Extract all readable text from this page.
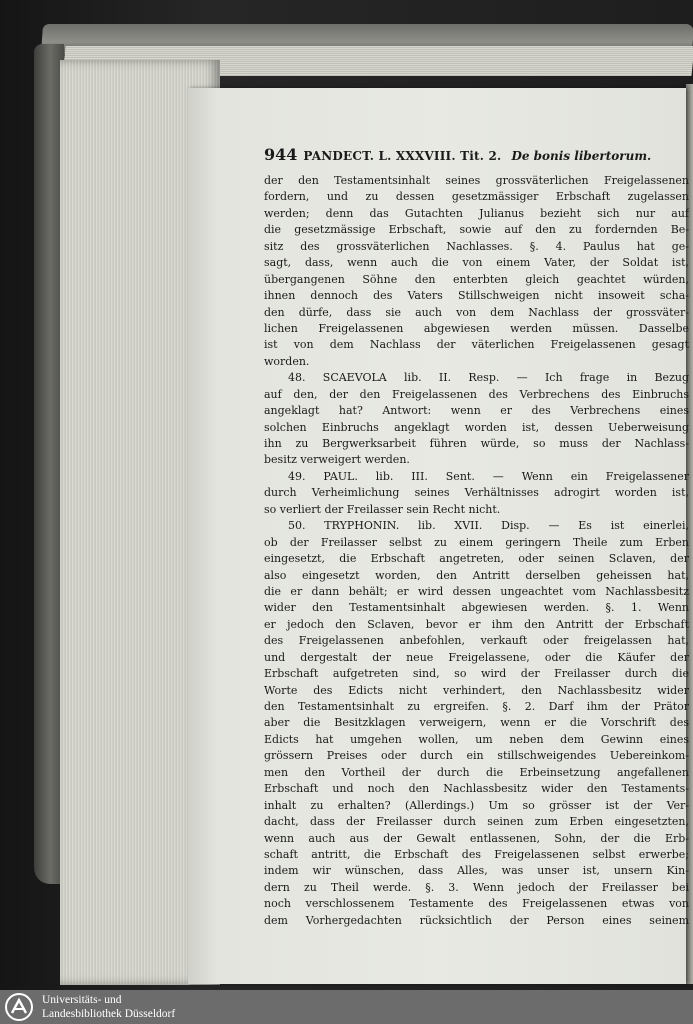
944 PANDECT. L. XXXVIII. Tit. 2. De bonis libertorum.
der den Testamentsinhalt seines grossväterlichen Freigelassenen
fordern, und zu dessen gesetzmässiger Erbschaft zugelassen
werden; denn das Gutachten Julianus bezieht sich nur auf
die gesetzmässige Erbschaft, sowie auf den zu fordernden Be-
sitz des grossväterlichen Nachlasses. §. 4. Paulus hat ge-
sagt, dass, wenn auch die von einem Vater, der Soldat ist,
übergangenen Söhne den enterbten gleich geachtet würden,
ihnen dennoch des Vaters Stillschweigen nicht insoweit scha-
den dürfe, dass sie auch von dem Nachlass der grossväter-
lichen Freigelassenen abgewiesen werden müssen. Dasselbe
ist von dem Nachlass der väterlichen Freigelassenen gesagt
worden.
48. SCAEVOLA lib. II. Resp. — Ich frage in Bezug
auf den, der den Freigelassenen des Verbrechens des Einbruchs
angeklagt hat? Antwort: wenn er des Verbrechens eines
solchen Einbruchs angeklagt worden ist, dessen Ueberweisung
ihn zu Bergwerksarbeit führen würde, so muss der Nachlass-
besitz verweigert werden.
49. PAUL. lib. III. Sent. — Wenn ein Freigelassener
durch Verheimlichung seines Verhältnisses adrogirt worden ist,
so verliert der Freilasser sein Recht nicht.
50. TRYPHONIN. lib. XVII. Disp. — Es ist einerlei,
ob der Freilasser selbst zu einem geringern Theile zum Erben
eingesetzt, die Erbschaft angetreten, oder seinen Sclaven, der
also eingesetzt worden, den Antritt derselben geheissen hat,
die er dann behält; er wird dessen ungeachtet vom Nachlassbesitz
wider den Testamentsinhalt abgewiesen werden. §. 1. Wenn
er jedoch den Sclaven, bevor er ihm den Antritt der Erbschaft
des Freigelassenen anbefohlen, verkauft oder freigelassen hat,
und dergestalt der neue Freigelassene, oder die Käufer der
Erbschaft aufgetreten sind, so wird der Freilasser durch die
Worte des Edicts nicht verhindert, den Nachlassbesitz wider
den Testamentsinhalt zu ergreifen. §. 2. Darf ihm der Prätor
aber die Besitzklagen verweigern, wenn er die Vorschrift des
Edicts hat umgehen wollen, um neben dem Gewinn eines
grössern Preises oder durch ein stillschweigendes Uebereinkom-
men den Vortheil der durch die Erbeinsetzung angefallenen
Erbschaft und noch den Nachlassbesitz wider den Testaments-
inhalt zu erhalten? (Allerdings.) Um so grösser ist der Ver-
dacht, dass der Freilasser durch seinen zum Erben eingesetzten,
wenn auch aus der Gewalt entlassenen, Sohn, der die Erb-
schaft antritt, die Erbschaft des Freigelassenen selbst erwerbe;
indem wir wünschen, dass Alles, was unser ist, unsern Kin-
dern zu Theil werde. §. 3. Wenn jedoch der Freilasser bei
noch verschlossenem Testamente des Freigelassenen etwas von
dem Vorhergedachten rücksichtlich der Person eines seinem
Universitäts- und
Landesbibliothek Düsseldorf
